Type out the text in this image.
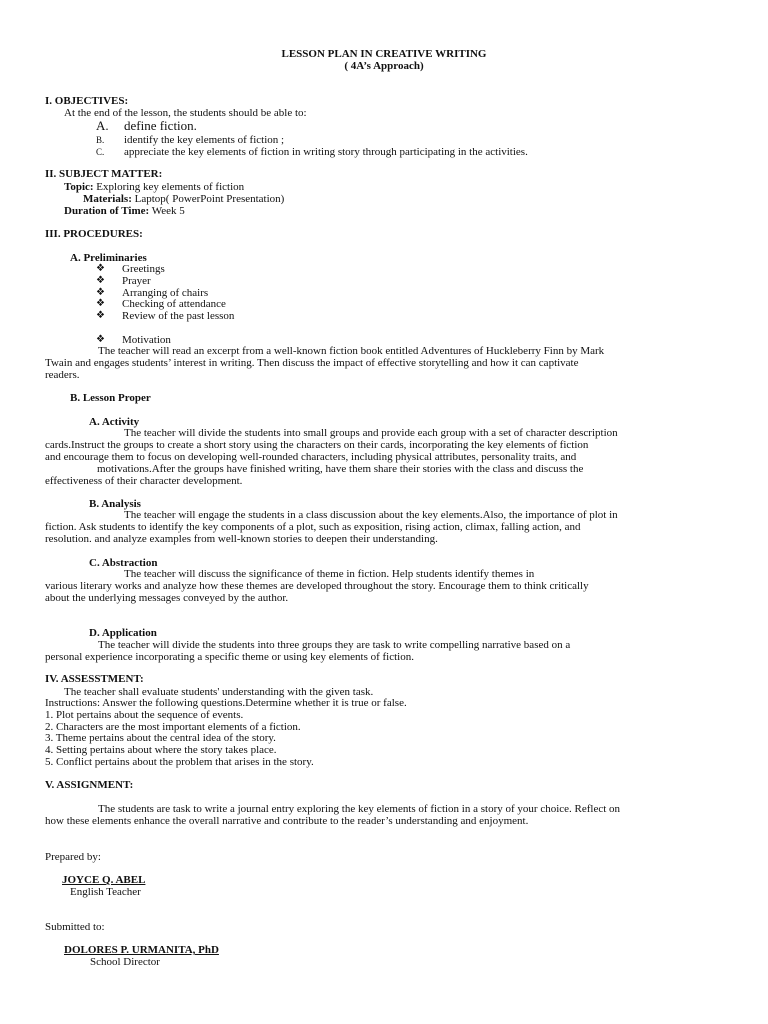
LESSON PLAN IN CREATIVE WRITING
( 4A’s Approach)
I. OBJECTIVES:
At the end of the lesson, the students should be able to:
A. define fiction.
B. identify the key elements of fiction ;
C. appreciate the key elements of fiction in writing story through participating in the activities.
II. SUBJECT MATTER:
Topic: Exploring key elements of fiction
Materials: Laptop( PowerPoint Presentation)
Duration of Time: Week 5
III. PROCEDURES:
A. Preliminaries
❖ Greetings
❖ Prayer
❖ Arranging of chairs
❖ Checking of attendance
❖ Review of the past lesson
❖ Motivation
The teacher will read an excerpt from a well-known fiction book entitled Adventures of Huckleberry Finn by Mark
Twain and engages students’ interest in writing. Then discuss the impact of effective storytelling and how it can captivate
readers.
B. Lesson Proper
A. Activity
The teacher will divide the students into small groups and provide each group with a set of character description
cards.Instruct the groups to create a short story using the characters on their cards, incorporating the key elements of fiction
and encourage them to focus on developing well-rounded characters, including physical attributes, personality traits, and
motivations.After the groups have finished writing, have them share their stories with the class and discuss the
effectiveness of their character development.
B. Analysis
The teacher will engage the students in a class discussion about the key elements.Also, the importance of plot in
fiction. Ask students to identify the key components of a plot, such as exposition, rising action, climax, falling action, and
resolution. and analyze examples from well-known stories to deepen their understanding.
C. Abstraction
The teacher will discuss the significance of theme in fiction. Help students identify themes in
various literary works and analyze how these themes are developed throughout the story. Encourage them to think critically
about the underlying messages conveyed by the author.
D. Application
The teacher will divide the students into three groups they are task to write compelling narrative based on a
personal experience incorporating a specific theme or using key elements of fiction.
IV. ASSESSTMENT:
The teacher shall evaluate students' understanding with the given task.
Instructions: Answer the following questions.Determine whether it is true or false.
1. Plot pertains about the sequence of events.
2. Characters are the most important elements of a fiction.
3. Theme pertains about the central idea of the story.
4. Setting pertains about where the story takes place.
5. Conflict pertains about the problem that arises in the story.
V. ASSIGNMENT:
The students are task to write a journal entry exploring the key elements of fiction in a story of your choice. Reflect on
how these elements enhance the overall narrative and contribute to the reader’s understanding and enjoyment.
Prepared by:
JOYCE Q. ABEL
English Teacher
Submitted to:
DOLORES P. URMANITA, PhD
School Director
